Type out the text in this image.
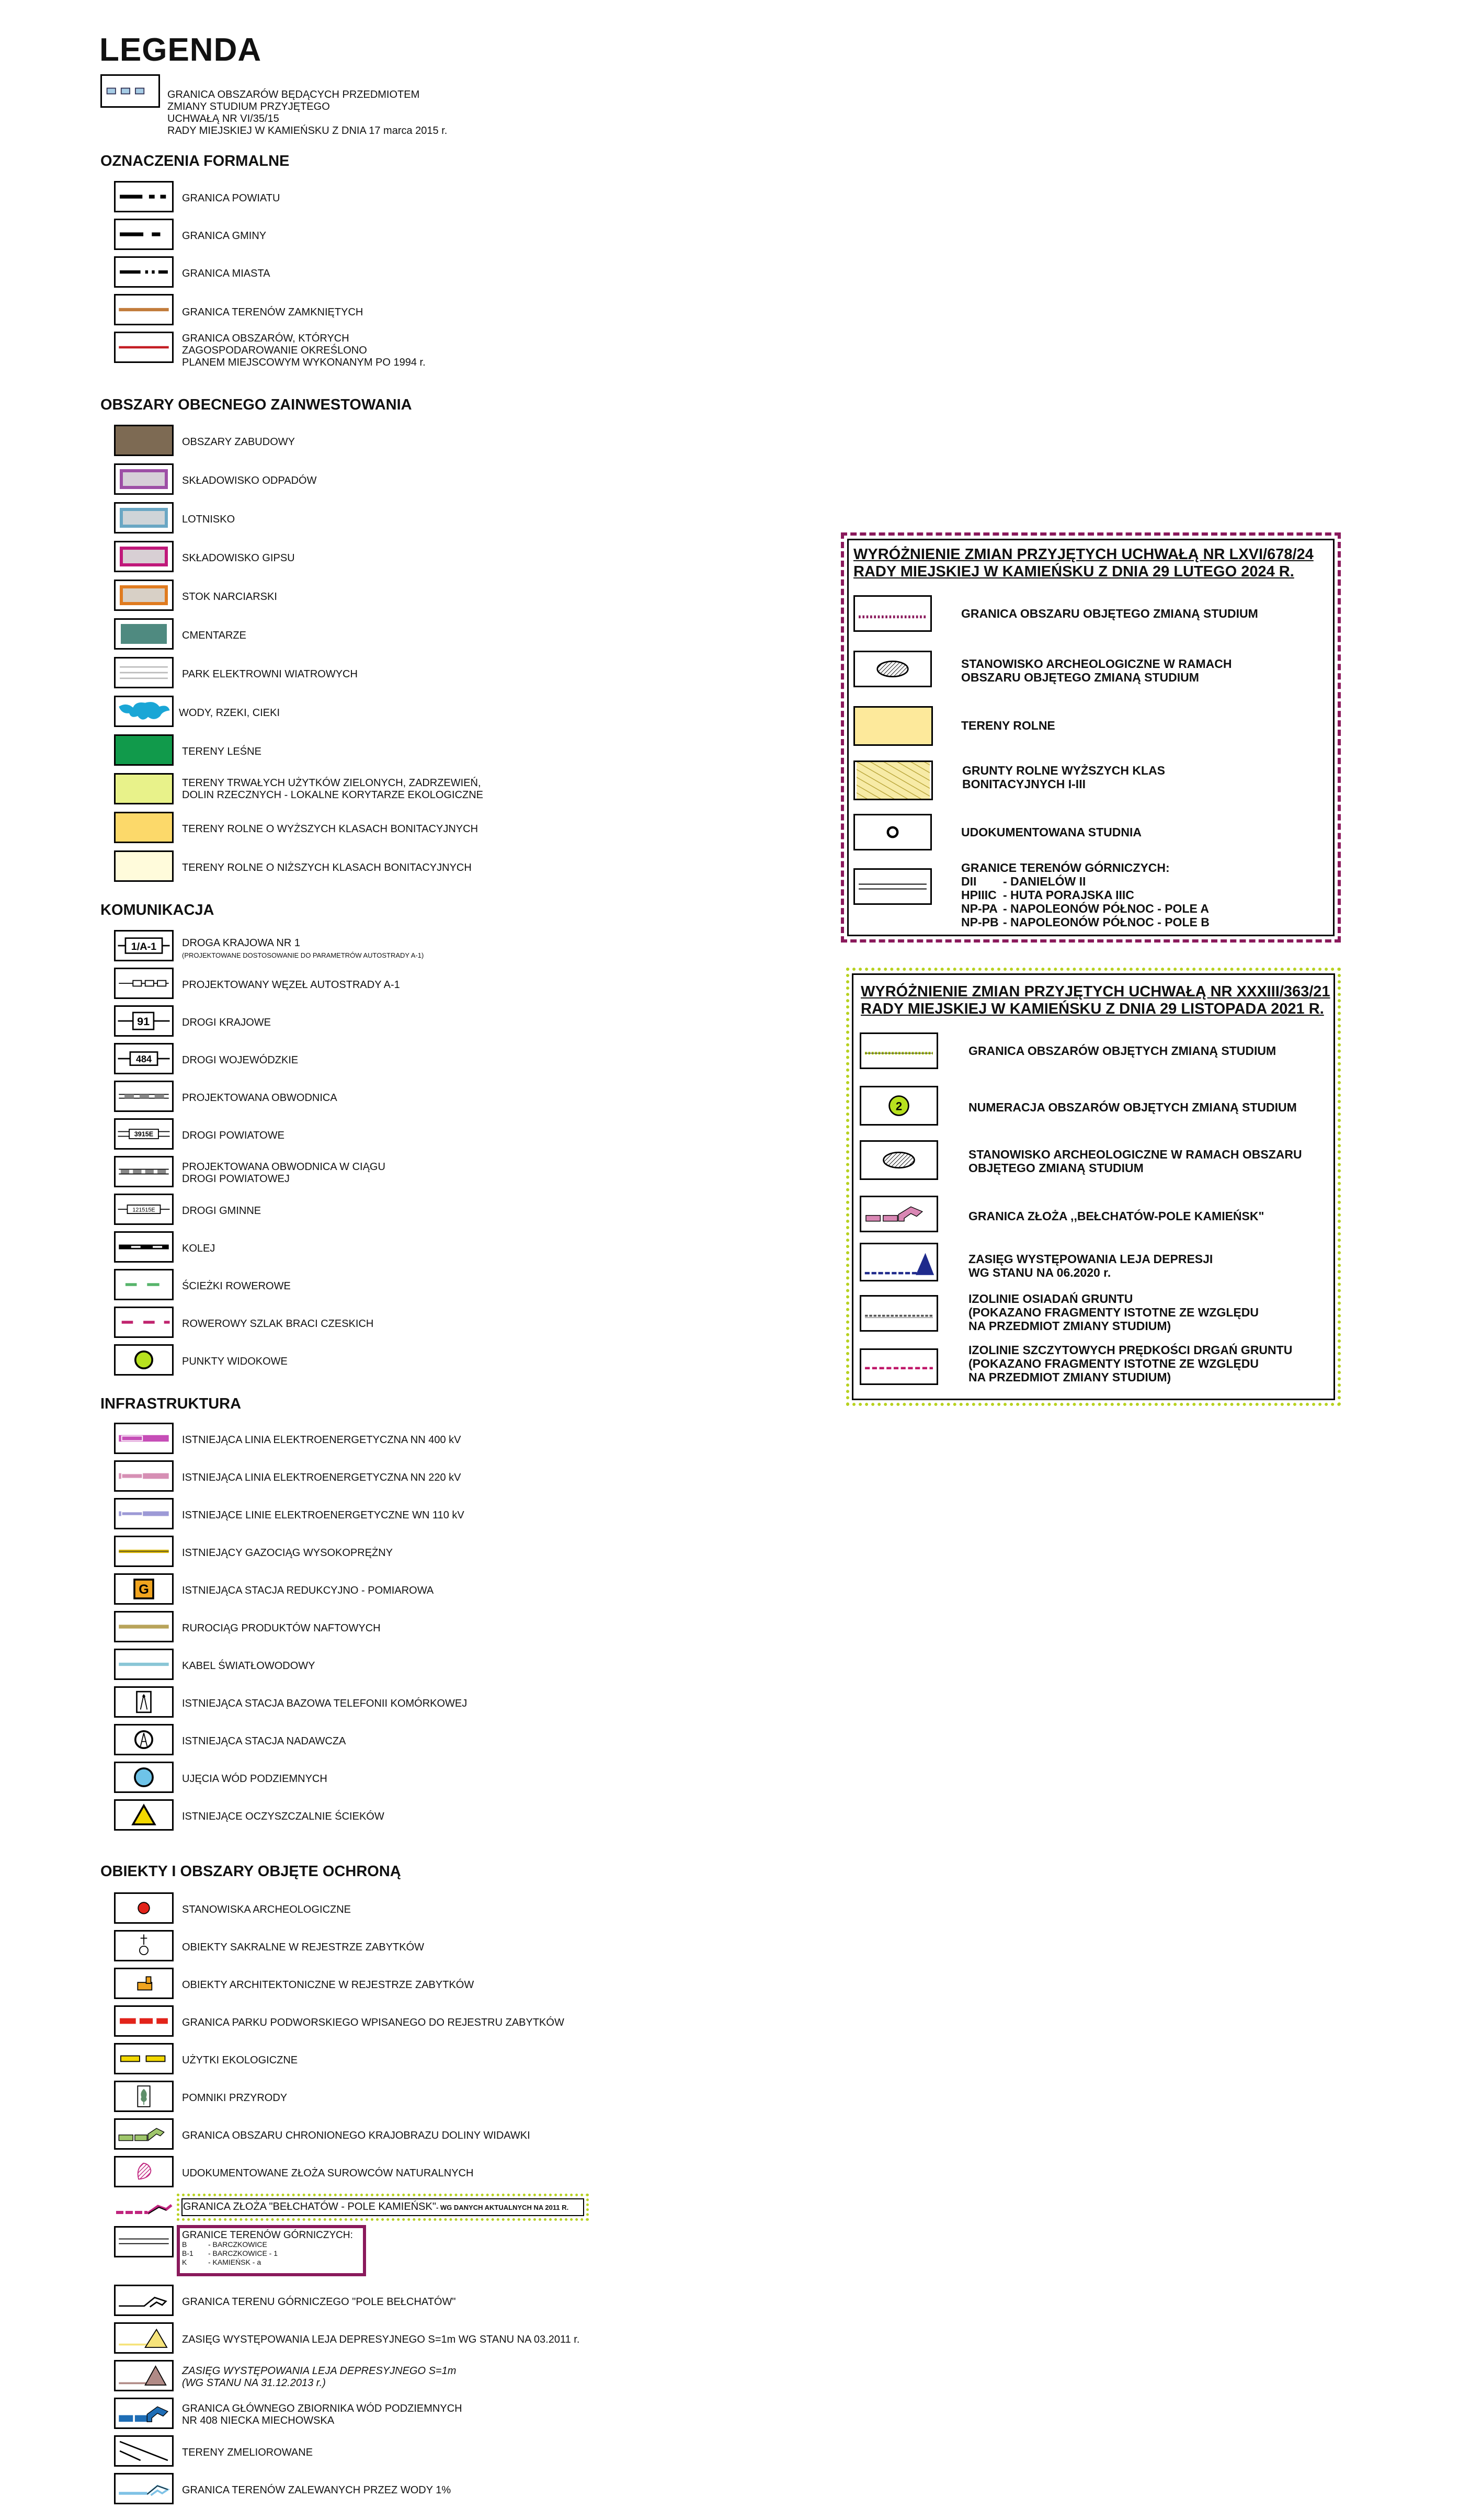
LEGENDA
GRANICA OBSZARÓW BĘDĄCYCH PRZEDMIOTEM
ZMIANY STUDIUM PRZYJĘTEGO
UCHWAŁĄ NR VI/35/15
RADY MIEJSKIEJ W KAMIEŃSKU Z DNIA 17 marca 2015 r.
OZNACZENIA FORMALNE
GRANICA POWIATU
GRANICA GMINY
GRANICA MIASTA
GRANICA TERENÓW ZAMKNIĘTYCH
GRANICA OBSZARÓW, KTÓRYCH
ZAGOSPODAROWANIE OKREŚLONO
PLANEM MIEJSCOWYM WYKONANYM PO 1994 r.
OBSZARY OBECNEGO ZAINWESTOWANIA
OBSZARY ZABUDOWY
SKŁADOWISKO ODPADÓW
LOTNISKO
SKŁADOWISKO GIPSU
STOK NARCIARSKI
CMENTARZE
PARK ELEKTROWNI WIATROWYCH
WODY, RZEKI, CIEKI
TERENY LEŚNE
TERENY TRWAŁYCH UŻYTKÓW ZIELONYCH, ZADRZEWIEŃ,
DOLIN RZECZNYCH - LOKALNE KORYTARZE EKOLOGICZNE
TERENY ROLNE O WYŻSZYCH KLASACH BONITACYJNYCH
TERENY ROLNE O NIŻSZYCH KLASACH BONITACYJNYCH
KOMUNIKACJA
1/A-1 DROGA KRAJOWA NR 1
(PROJEKTOWANE DOSTOSOWANIE DO PARAMETRÓW AUTOSTRADY A-1)
PROJEKTOWANY WĘZEŁ AUTOSTRADY A-1
91	DROGI KRAJOWE
484	DROGI WOJEWÓDZKIE
PROJEKTOWANA OBWODNICA
3915E	DROGI POWIATOWE
PROJEKTOWANA OBWODNICA W CIĄGU
DROGI POWIATOWEJ
121515E	DROGI GMINNE
KOLEJ
ŚCIEŻKI ROWEROWE
ROWEROWY SZLAK BRACI CZESKICH
PUNKTY WIDOKOWE
INFRASTRUKTURA
ISTNIEJĄCA LINIA ELEKTROENERGETYCZNA NN 400 kV
ISTNIEJĄCA LINIA ELEKTROENERGETYCZNA NN 220 kV
ISTNIEJĄCE LINIE ELEKTROENERGETYCZNE WN 110 kV
ISTNIEJĄCY GAZOCIĄG WYSOKOPRĘŻNY
G	ISTNIEJĄCA STACJA REDUKCYJNO - POMIAROWA
RUROCIĄG PRODUKTÓW NAFTOWYCH
KABEL ŚWIATŁOWODOWY
ISTNIEJĄCA STACJA BAZOWA TELEFONII KOMÓRKOWEJ
ISTNIEJĄCA STACJA NADAWCZA
UJĘCIA WÓD PODZIEMNYCH
ISTNIEJĄCE OCZYSZCZALNIE ŚCIEKÓW
OBIEKTY I OBSZARY OBJĘTE OCHRONĄ
STANOWISKA ARCHEOLOGICZNE
OBIEKTY SAKRALNE W REJESTRZE ZABYTKÓW
OBIEKTY ARCHITEKTONICZNE W REJESTRZE ZABYTKÓW
GRANICA PARKU PODWORSKIEGO WPISANEGO DO REJESTRU ZABYTKÓW
UŻYTKI EKOLOGICZNE
POMNIKI PRZYRODY
GRANICA OBSZARU CHRONIONEGO KRAJOBRAZU DOLINY WIDAWKI
UDOKUMENTOWANE ZŁOŻA SUROWCÓW NATURALNYCH
GRANICA ZŁOŻA "BEŁCHATÓW - POLE KAMIEŃSK"- WG DANYCH AKTUALNYCH NA 2011 R.
GRANICE TERENÓW GÓRNICZYCH:
B	- BARCZKOWICE
B-1 - BARCZKOWICE - 1
K	- KAMIEŃSK - a
GRANICA TERENU GÓRNICZEGO "POLE BEŁCHATÓW"
ZASIĘG WYSTĘPOWANIA LEJA DEPRESYJNEGO S=1m WG STANU NA 03.2011 r.
ZASIĘG WYSTĘPOWANIA LEJA DEPRESYJNEGO S=1m
(WG STANU NA 31.12.2013 r.)
GRANICA GŁÓWNEGO ZBIORNIKA WÓD PODZIEMNYCH
NR 408 NIECKA MIECHOWSKA
TERENY ZMELIOROWANE
GRANICA TERENÓW ZALEWANYCH PRZEZ WODY 1%
WYRÓŻNIENIE ZMIAN PRZYJĘTYCH UCHWAŁĄ NR LXVI/678/24
RADY MIEJSKIEJ W KAMIEŃSKU Z DNIA 29 LUTEGO 2024 R.
GRANICA OBSZARU OBJĘTEGO ZMIANĄ STUDIUM
STANOWISKO ARCHEOLOGICZNE W RAMACH
OBSZARU OBJĘTEGO ZMIANĄ STUDIUM
TERENY ROLNE
GRUNTY ROLNE WYŻSZYCH KLAS
BONITACYJNYCH I-III
UDOKUMENTOWANA STUDNIA
GRANICE TERENÓW GÓRNICZYCH:
DII - DANIELÓW II
HPIIIC - HUTA PORAJSKA IIIC
NP-PA - NAPOLEONÓW PÓŁNOC - POLE A
NP-PB - NAPOLEONÓW PÓŁNOC - POLE B
WYRÓŻNIENIE ZMIAN PRZYJĘTYCH UCHWAŁĄ NR XXXIII/363/21
RADY MIEJSKIEJ W KAMIEŃSKU Z DNIA 29 LISTOPADA 2021 R.
GRANICA OBSZARÓW OBJĘTYCH ZMIANĄ STUDIUM
2	NUMERACJA OBSZARÓW OBJĘTYCH ZMIANĄ STUDIUM
STANOWISKO ARCHEOLOGICZNE W RAMACH OBSZARU
OBJĘTEGO ZMIANĄ STUDIUM
GRANICA ZŁOŻA ,,BEŁCHATÓW-POLE KAMIEŃSK"
ZASIĘG WYSTĘPOWANIA LEJA DEPRESJI
WG STANU NA 06.2020 r.
IZOLINIE OSIADAŃ GRUNTU
(POKAZANO FRAGMENTY ISTOTNE ZE WZGLĘDU
NA PRZEDMIOT ZMIANY STUDIUM)
IZOLINIE SZCZYTOWYCH PRĘDKOŚCI DRGAŃ GRUNTU
(POKAZANO FRAGMENTY ISTOTNE ZE WZGLĘDU
NA PRZEDMIOT ZMIANY STUDIUM)
